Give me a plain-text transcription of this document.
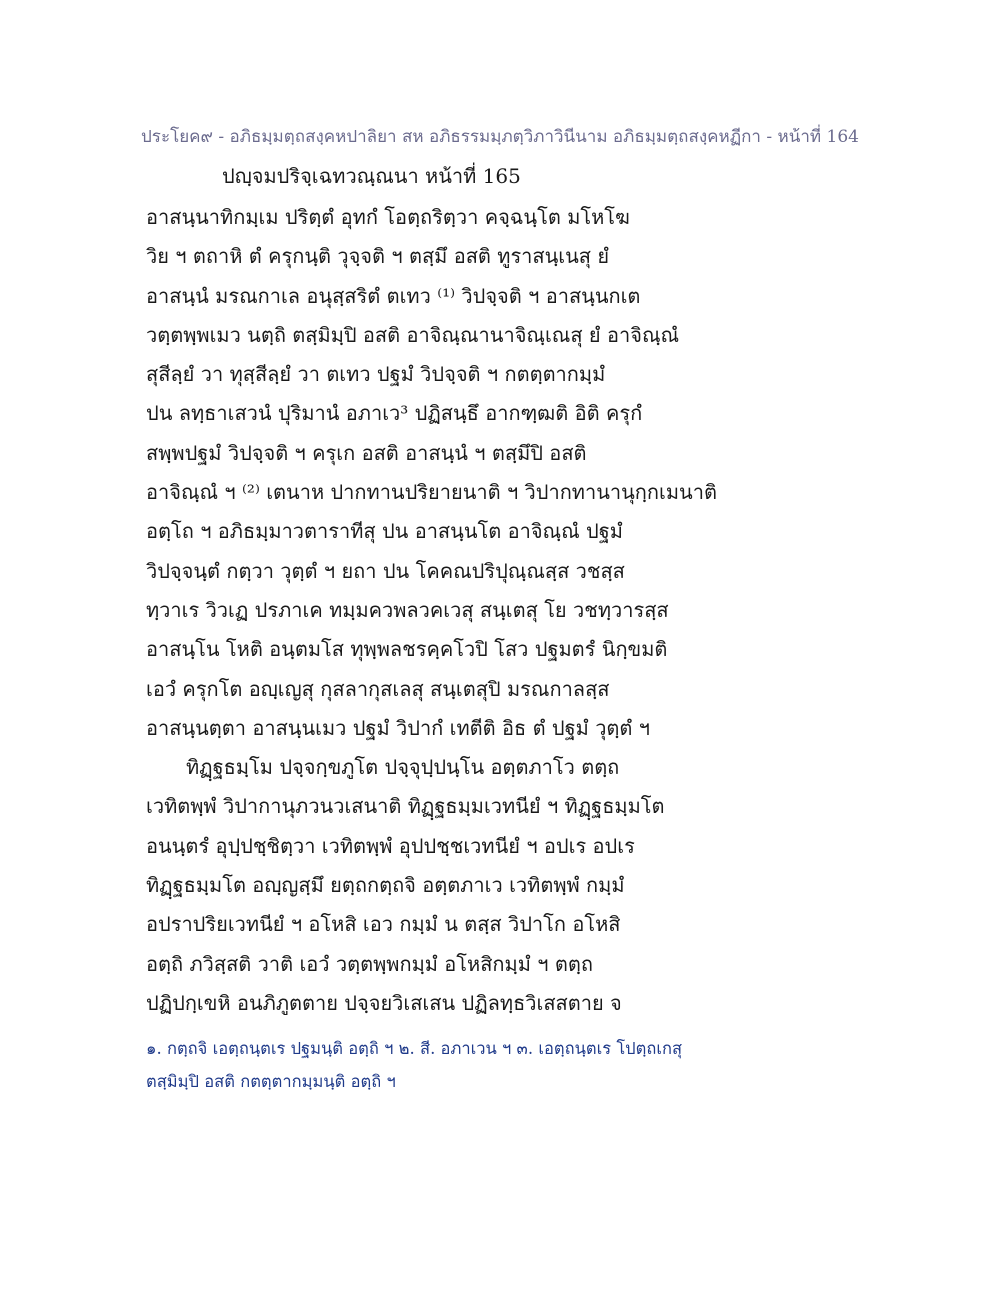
ประโยค๙ - อภิธมฺมตฺถสงฺคหปาลิยา สห อภิธรรมมฺภตฺวิภาวินีนาม อภิธมฺมตฺถสงฺคหฏีกา - หน้าที่ 164
ปญฺจมปริจฺเฉทวณฺณนา หน้าที่ 165
อาสนฺนาทิกมฺเม ปริตฺตํ อุทกํ โอตฺถริตฺวา คจฺฉนฺโต มโหโฆ
วิย ฯ ตถาหิ ตํ ครุกนฺติ วุจฺจติ ฯ ตสฺมึ อสติ ทูราสนฺเนสุ ยํ
อาสนฺนํ มรณกาเล อนุสฺสริตํ ตเทว ⁽¹⁾ วิปจฺจติ ฯ อาสนฺนกเต
วตฺตพฺพเมว นตฺถิ ตสฺมิมฺปิ อสติ อาจิณฺณานาจิณฺเณสุ ยํ อาจิณฺณํ
สุสีลฺยํ วา ทุสฺสีลฺยํ วา ตเทว ปฐมํ วิปจฺจติ ฯ กตตฺตากมฺมํ
ปน ลทฺธาเสวนํ ปุริมานํ อภาเว³ ปฏิสนฺธึ อากฑฺฒติ อิติ ครุกํ
สพฺพปฐมํ วิปจฺจติ ฯ ครุเก อสติ อาสนฺนํ ฯ ตสฺมึปิ อสติ
อาจิณฺณํ ฯ ⁽²⁾ เตนาห ปากทานปริยายนาติ ฯ วิปากทานานุกฺกเมนาติ
อตฺโถ ฯ อภิธมฺมาวตาราทีสุ ปน อาสนฺนโต อาจิณฺณํ ปฐมํ
วิปจฺจนฺตํ กตฺวา วุตฺตํ ฯ ยถา ปน โคคณปริปุณฺณสฺส วชสฺส
ทฺวาเร วิวเฏ ปรภาเค ทมฺมควพลวคเวสุ สนฺเตสุ โย วชทฺวารสฺส
อาสนฺโน โหติ อนฺตมโส ทุพฺพลชรคฺคโวปิ โสว ปฐมตรํ นิกฺขมติ
เอวํ ครุกโต อญฺเญสุ กุสลากุสเลสุ สนฺเตสุปิ มรณกาลสฺส
อาสนฺนตฺตา อาสนฺนเมว ปฐมํ วิปากํ เทตีติ อิธ ตํ ปฐมํ วุตฺตํ ฯ
ทิฏฺฐธมฺโม ปจฺจกฺขภูโต ปจฺจุปฺปนฺโน อตฺตภาโว ตตฺถ
เวทิตพฺพํ วิปากานุภวนวเสนาติ ทิฏฺฐธมฺมเวทนียํ ฯ ทิฏฺฐธมฺมโต
อนนฺตรํ อุปฺปชฺชิตฺวา เวทิตพฺพํ อุปปชฺชเวทนียํ ฯ อปเร อปเร
ทิฏฺฐธมฺมโต อญฺญสฺมึ ยตฺถกตฺถจิ อตฺตภาเว เวทิตพฺพํ กมฺมํ
อปราปริยเวทนียํ ฯ อโหสิ เอว กมฺมํ น ตสฺส วิปาโก อโหสิ
อตฺถิ ภวิสฺสติ วาติ เอวํ วตฺตพฺพกมฺมํ อโหสิกมฺมํ ฯ ตตฺถ
ปฏิปกฺเขหิ อนภิภูตตาย ปจฺจยวิเสเสน ปฏิลทฺธวิเสสตาย จ
๑. กตฺถจิ เอตฺถนฺตเร ปฐมนฺติ อตฺถิ ฯ ๒. สี. อภาเวน ฯ ๓. เอตฺถนฺตเร โปตฺถเกสุ
ตสฺมิมฺปิ อสติ กตตฺตากมฺมนฺติ อตฺถิ ฯ
